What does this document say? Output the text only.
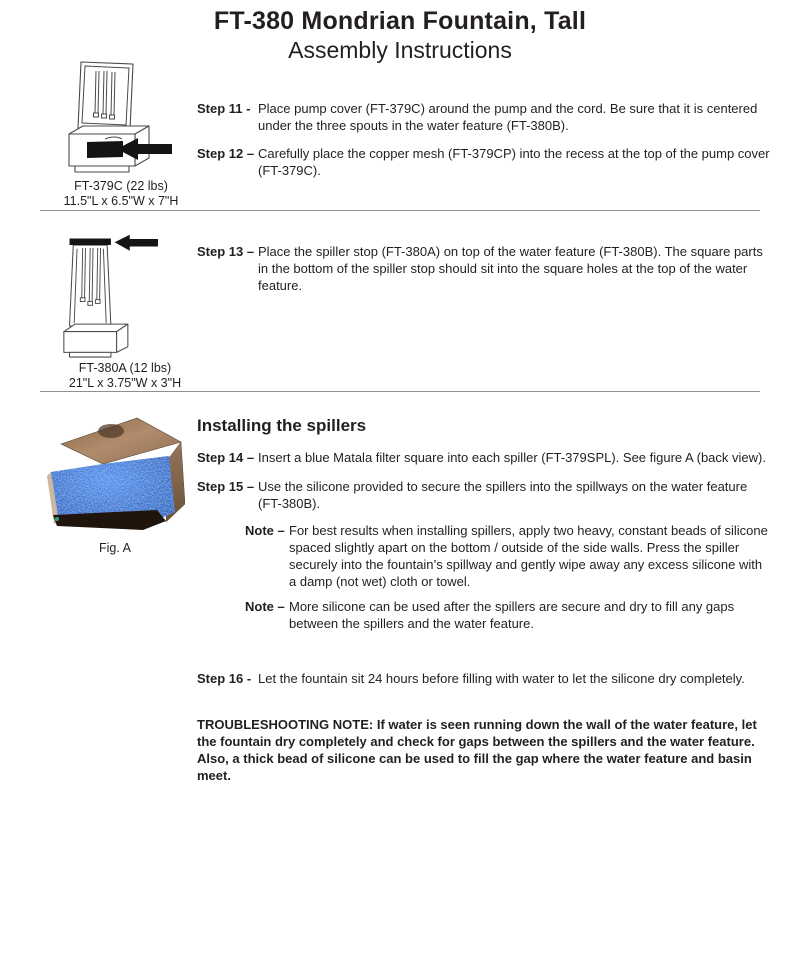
FT-380 Mondrian Fountain, Tall
Assembly Instructions
FT-379C (22 lbs)
11.5"L x 6.5"W x 7"H
FT-380A (12 lbs)
21"L x 3.75"W x 3"H
Fig. A
Step 11 - Place pump cover (FT-379C) around the pump and the cord. Be sure that it is centered under the three spouts in the water feature (FT-380B).
Step 12 – Carefully place the copper mesh (FT-379CP) into the recess at the top of the pump cover (FT-379C).
Step 13 – Place the spiller stop (FT-380A) on top of the water feature (FT-380B). The square parts in the bottom of the spiller stop should sit into the square holes at the top of the water feature.
Installing the spillers
Step 14 – Insert a blue Matala filter square into each spiller (FT-379SPL). See figure A (back view).
Step 15 – Use the silicone provided to secure the spillers into the spillways on the water feature (FT-380B).
Note – For best results when installing spillers, apply two heavy, constant beads of silicone spaced slightly apart on the bottom / outside of the side walls. Press the spiller securely into the fountain’s spillway and gently wipe away any excess silicone with a damp (not wet) cloth or towel.
Note – More silicone can be used after the spillers are secure and dry to fill any gaps between the spillers and the water feature.
Step 16 - Let the fountain sit 24 hours before filling with water to let the silicone dry completely.
TROUBLESHOOTING NOTE: If water is seen running down the wall of the water feature, let the fountain dry completely and check for gaps between the spillers and the water feature. Also, a thick bead of silicone can be used to fill the gap where the water feature and basin meet.
